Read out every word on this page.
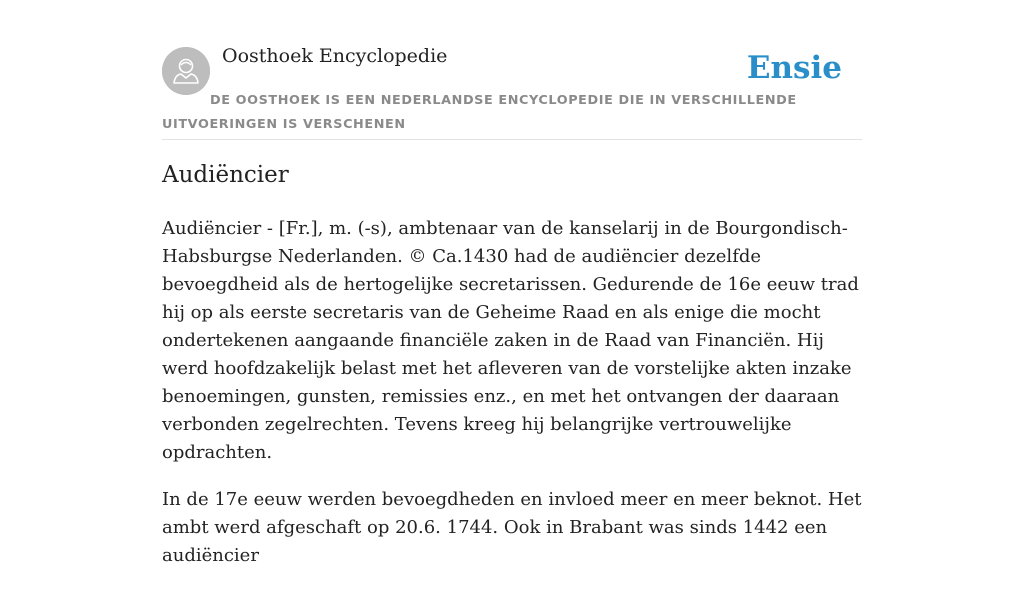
Oosthoek Encyclopedie	Ensie
DE OOSTHOEK IS EEN NEDERLANDSE ENCYCLOPEDIE DIE IN VERSCHILLENDE UITVOERINGEN IS VERSCHENEN
Audiëncier

Audiëncier - [Fr.], m. (-s), ambtenaar van de kanselarij in de Bourgondisch-Habsburgse Nederlanden. © Ca.1430 had de audiëncier dezelfde bevoegdheid als de hertogelijke secretarissen. Gedurende de 16e eeuw trad hij op als eerste secretaris van de Geheime Raad en als enige die mocht ondertekenen aangaande financiële zaken in de Raad van Financiën. Hij werd hoofdzakelijk belast met het afleveren van de vorstelijke akten inzake benoemingen, gunsten, remissies enz., en met het ontvangen der daaraan verbonden zegelrechten. Tevens kreeg hij belangrijke vertrouwelijke opdrachten.

In de 17e eeuw werden bevoegdheden en invloed meer en meer beknot. Het ambt werd afgeschaft op 20.6. 1744. Ook in Brabant was sinds 1442 een audiëncier
